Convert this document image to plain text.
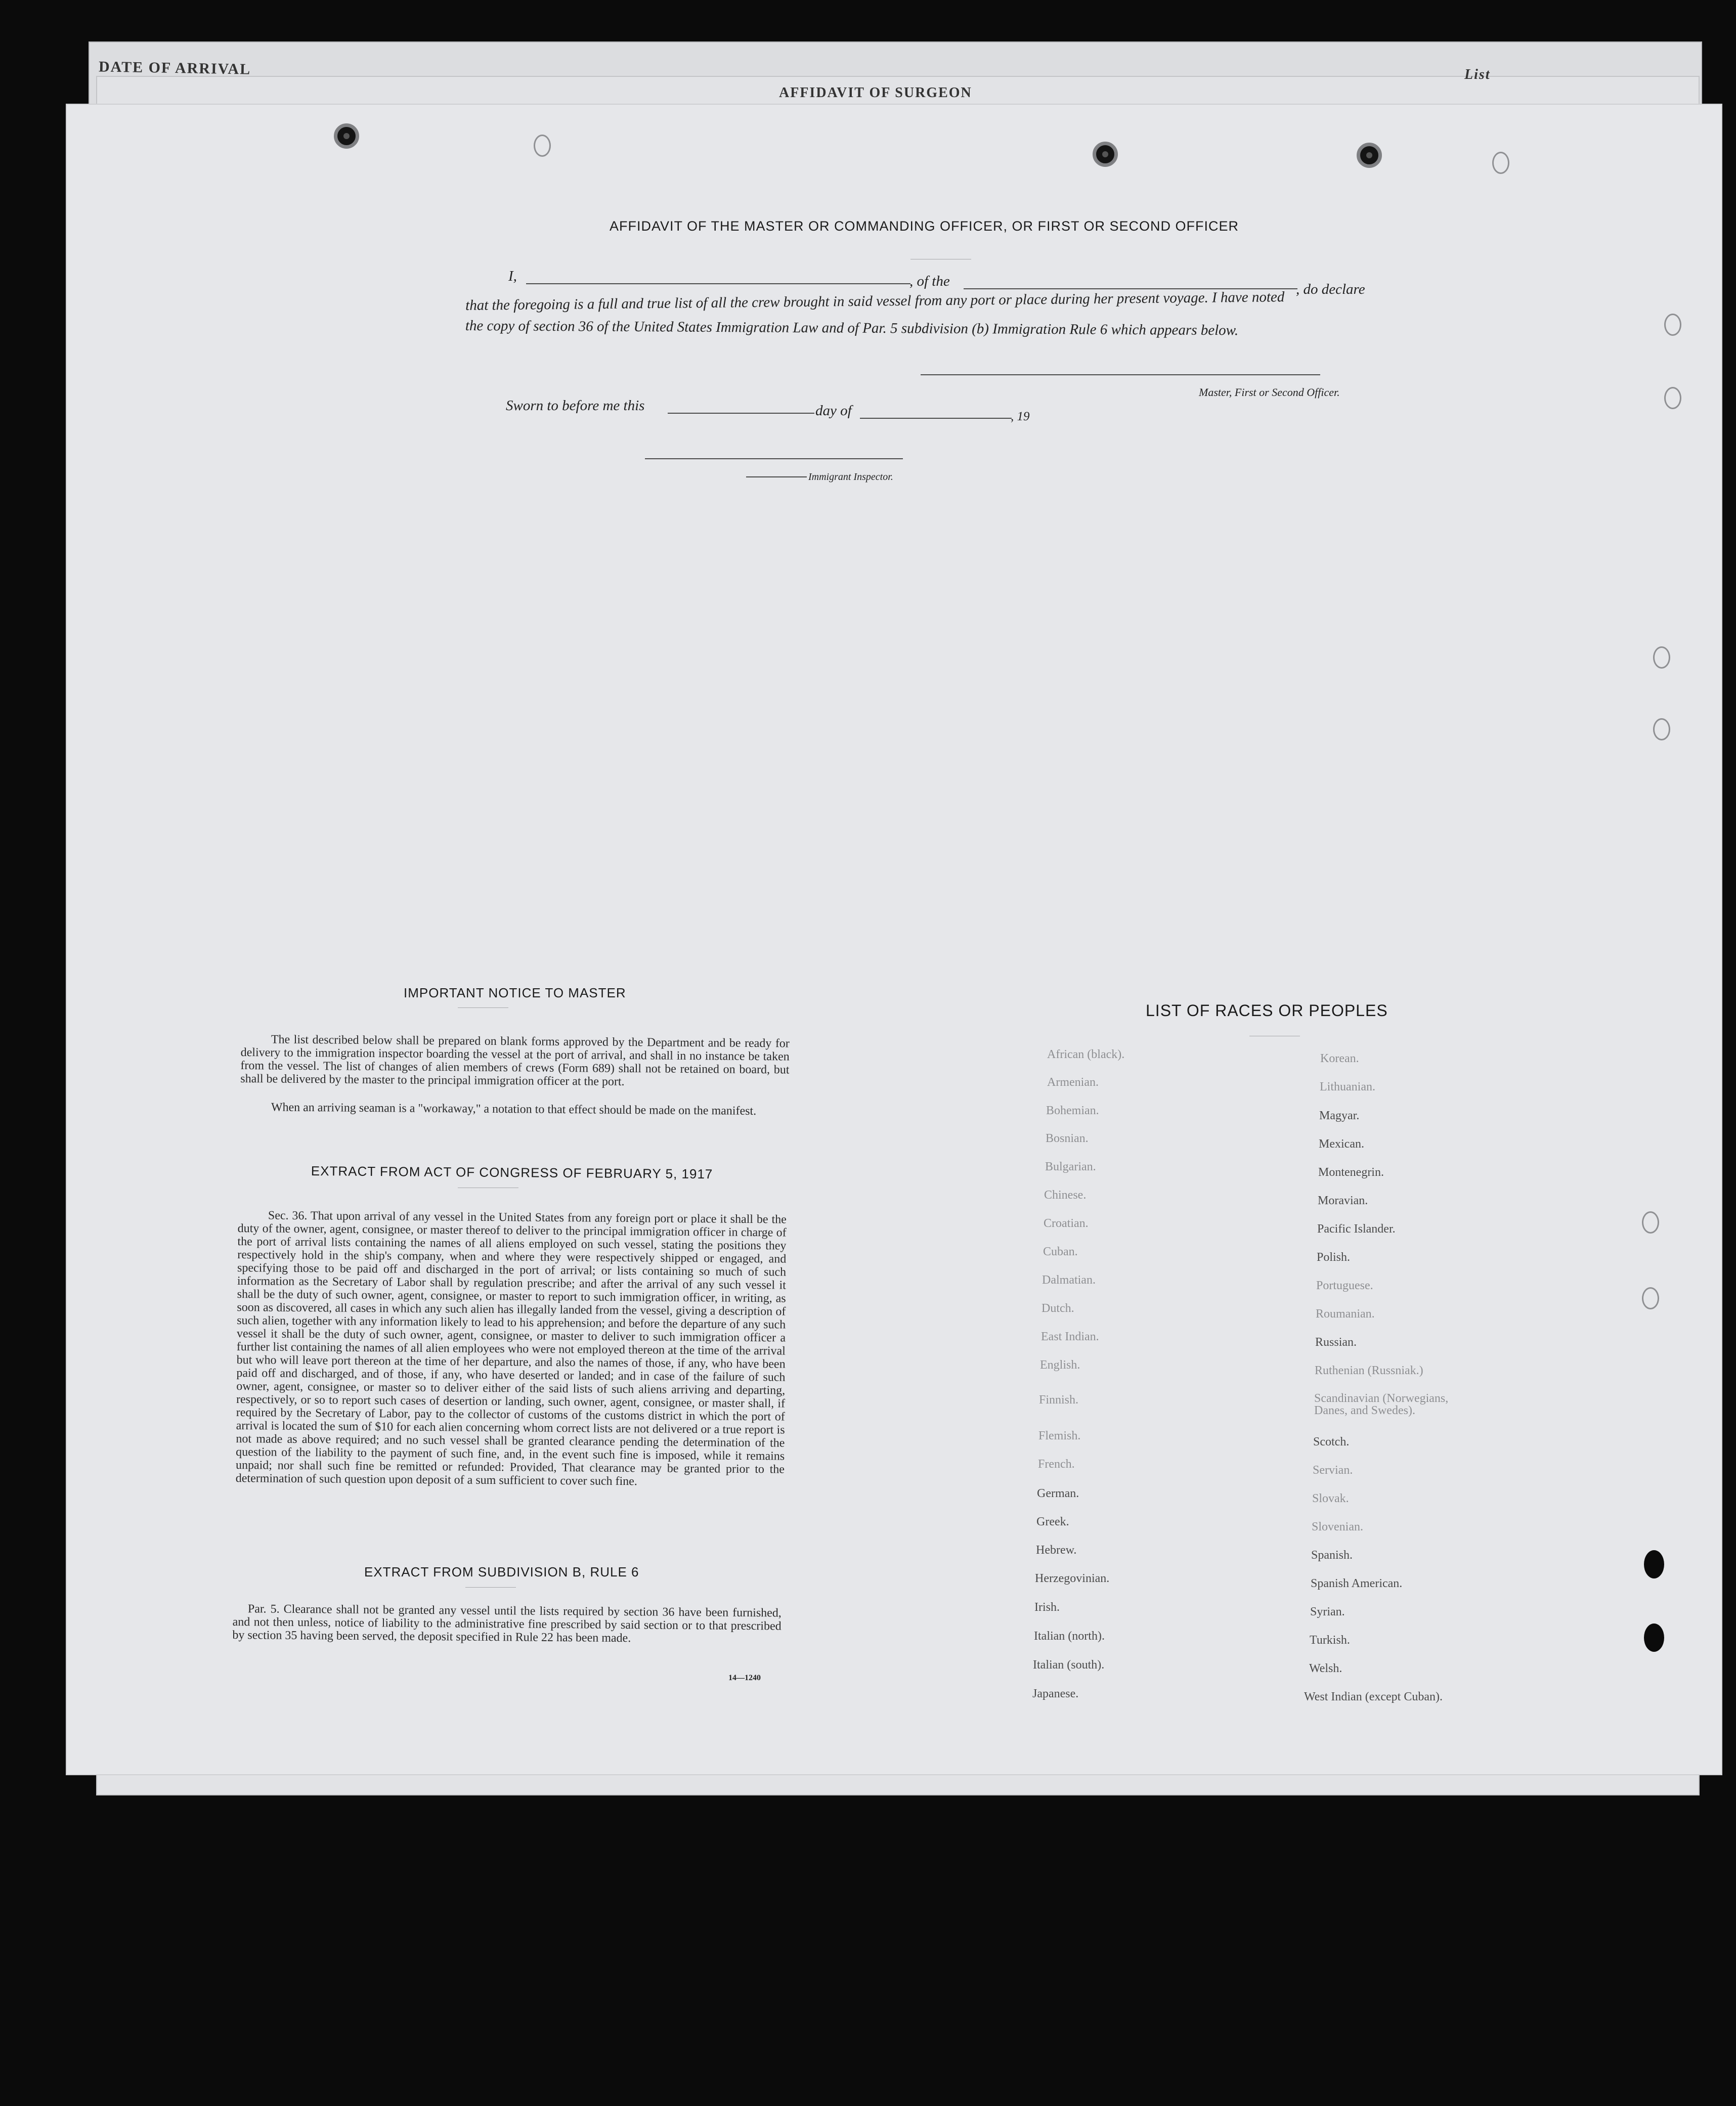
DATE OF ARRIVAL
AFFIDAVIT OF SURGEON
List
AFFIDAVIT OF THE MASTER OR COMMANDING OFFICER, OR FIRST OR SECOND OFFICER
I,	, of the	, do declare
that the foregoing is a full and true list of all the crew brought in said vessel from any port or place during her present voyage. I have noted
the copy of section 36 of the United States Immigration Law and of Par. 5 subdivision (b) Immigration Rule 6 which appears below.
Master, First or Second Officer.
Sworn to before me this	day of	, 19
Immigrant Inspector.
IMPORTANT NOTICE TO MASTER
The list described below shall be prepared on blank forms approved by the Department and be ready for delivery to the immigration inspector boarding the vessel at the port of arrival, and shall in no instance be taken from the vessel. The list of changes of alien members of crews (Form 689) shall not be retained on board, but shall be delivered by the master to the principal immigration officer at the port.
When an arriving seaman is a "workaway," a notation to that effect should be made on the manifest.
EXTRACT FROM ACT OF CONGRESS OF FEBRUARY 5, 1917
Sec. 36. That upon arrival of any vessel in the United States from any foreign port or place it shall be the duty of the owner, agent, consignee, or master thereof to deliver to the principal immigration officer in charge of the port of arrival lists containing the names of all aliens employed on such vessel, stating the positions they respectively hold in the ship's company, when and where they were respectively shipped or engaged, and specifying those to be paid off and discharged in the port of arrival; or lists containing so much of such information as the Secretary of Labor shall by regulation prescribe; and after the arrival of any such vessel it shall be the duty of such owner, agent, consignee, or master to report to such immigration officer, in writing, as soon as discovered, all cases in which any such alien has illegally landed from the vessel, giving a description of such alien, together with any information likely to lead to his apprehension; and before the departure of any such vessel it shall be the duty of such owner, agent, consignee, or master to deliver to such immigration officer a further list containing the names of all alien employees who were not employed thereon at the time of the arrival but who will leave port thereon at the time of her departure, and also the names of those, if any, who have been paid off and discharged, and of those, if any, who have deserted or landed; and in case of the failure of such owner, agent, consignee, or master so to deliver either of the said lists of such aliens arriving and departing, respectively, or so to report such cases of desertion or landing, such owner, agent, consignee, or master shall, if required by the Secretary of Labor, pay to the collector of customs of the customs district in which the port of arrival is located the sum of $10 for each alien concerning whom correct lists are not delivered or a true report is not made as above required; and no such vessel shall be granted clearance pending the determination of the question of the liability to the payment of such fine, and, in the event such fine is imposed, while it remains unpaid; nor shall such fine be remitted or refunded: Provided, That clearance may be granted prior to the determination of such question upon deposit of a sum sufficient to cover such fine.
EXTRACT FROM SUBDIVISION B, RULE 6
Par. 5. Clearance shall not be granted any vessel until the lists required by section 36 have been furnished, and not then unless, notice of liability to the administrative fine prescribed by said section or to that prescribed by section 35 having been served, the deposit specified in Rule 22 has been made.
14—1240
LIST OF RACES OR PEOPLES
African (black).
Armenian.
Bohemian.
Bosnian.
Bulgarian.
Chinese.
Croatian.
Cuban.
Dalmatian.
Dutch.
East Indian.
English.
Finnish.
Flemish.
French.
German.
Greek.
Hebrew.
Herzegovinian.
Irish.
Italian (north).
Italian (south).
Japanese.
Korean.
Lithuanian.
Magyar.
Mexican.
Montenegrin.
Moravian.
Pacific Islander.
Polish.
Portuguese.
Roumanian.
Russian.
Ruthenian (Russniak.)
Scandinavian (Norwegians, Danes, and Swedes).
Scotch.
Servian.
Slovak.
Slovenian.
Spanish.
Spanish American.
Syrian.
Turkish.
Welsh.
West Indian (except Cuban).
